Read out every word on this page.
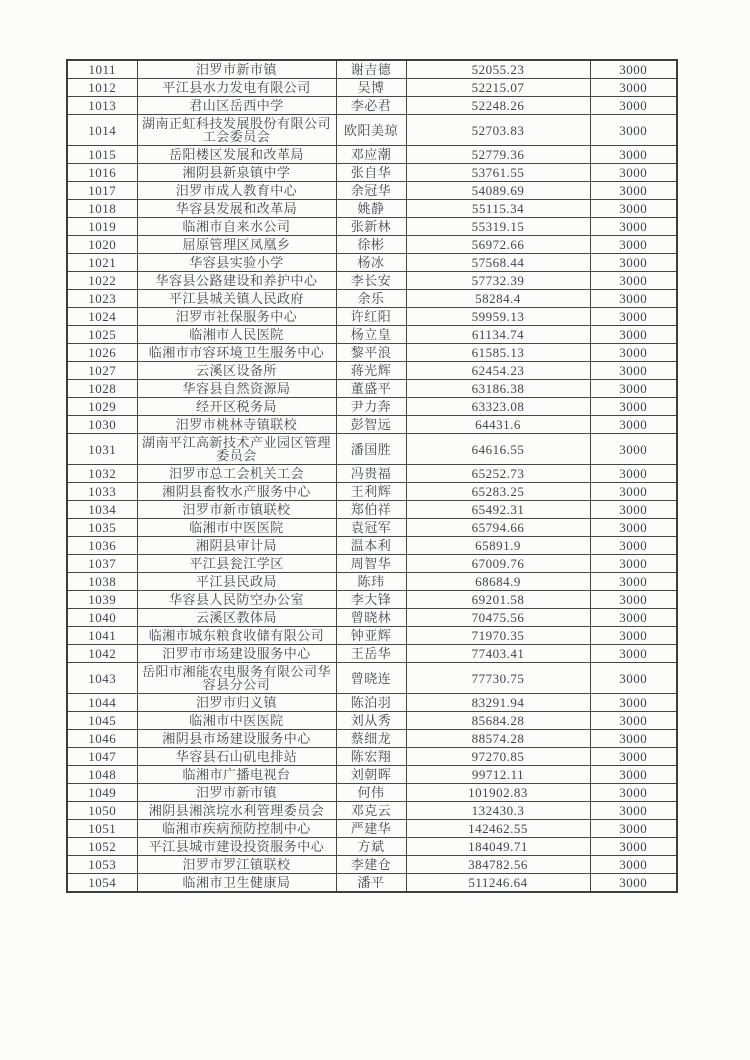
1011	汨罗市新市镇	谢吉德	52055.23	3000
1012	平江县水力发电有限公司	吴博	52215.07	3000
1013	君山区岳西中学	李必君	52248.26	3000
1014	湖南正虹科技发展股份有限公司工会委员会	欧阳美琼	52703.83	3000
1015	岳阳楼区发展和改革局	邓应潮	52779.36	3000
1016	湘阴县新泉镇中学	张自华	53761.55	3000
1017	汨罗市成人教育中心	余冠华	54089.69	3000
1018	华容县发展和改革局	姚静	55115.34	3000
1019	临湘市自来水公司	张新林	55319.15	3000
1020	屈原管理区凤凰乡	徐彬	56972.66	3000
1021	华容县实验小学	杨冰	57568.44	3000
1022	华容县公路建设和养护中心	李长安	57732.39	3000
1023	平江县城关镇人民政府	余乐	58284.4	3000
1024	汨罗市社保服务中心	许红阳	59959.13	3000
1025	临湘市人民医院	杨立皇	61134.74	3000
1026	临湘市市容环境卫生服务中心	黎平浪	61585.13	3000
1027	云溪区设备所	蒋光辉	62454.23	3000
1028	华容县自然资源局	董盛平	63186.38	3000
1029	经开区税务局	尹力奔	63323.08	3000
1030	汨罗市桃林寺镇联校	彭智远	64431.6	3000
1031	湖南平江高新技术产业园区管理委员会	潘国胜	64616.55	3000
1032	汨罗市总工会机关工会	冯贵福	65252.73	3000
1033	湘阴县畜牧水产服务中心	王利辉	65283.25	3000
1034	汨罗市新市镇联校	郑伯祥	65492.31	3000
1035	临湘市中医医院	袁冠军	65794.66	3000
1036	湘阴县审计局	温本利	65891.9	3000
1037	平江县瓮江学区	周智华	67009.76	3000
1038	平江县民政局	陈玮	68684.9	3000
1039	华容县人民防空办公室	李大锋	69201.58	3000
1040	云溪区教体局	曾晓林	70475.56	3000
1041	临湘市城东粮食收储有限公司	钟亚辉	71970.35	3000
1042	汨罗市市场建设服务中心	王岳华	77403.41	3000
1043	岳阳市湘能农电服务有限公司华容县分公司	曾晓连	77730.75	3000
1044	汨罗市归义镇	陈泊羽	83291.94	3000
1045	临湘市中医医院	刘从秀	85684.28	3000
1046	湘阴县市场建设服务中心	蔡细龙	88574.28	3000
1047	华容县石山矶电排站	陈宏翔	97270.85	3000
1048	临湘市广播电视台	刘朝晖	99712.11	3000
1049	汨罗市新市镇	何伟	101902.83	3000
1050	湘阴县湘滨垸水利管理委员会	邓克云	132430.3	3000
1051	临湘市疾病预防控制中心	严建华	142462.55	3000
1052	平江县城市建设投资服务中心	方斌	184049.71	3000
1053	汨罗市罗江镇联校	李建仓	384782.56	3000
1054	临湘市卫生健康局	潘平	511246.64	3000
